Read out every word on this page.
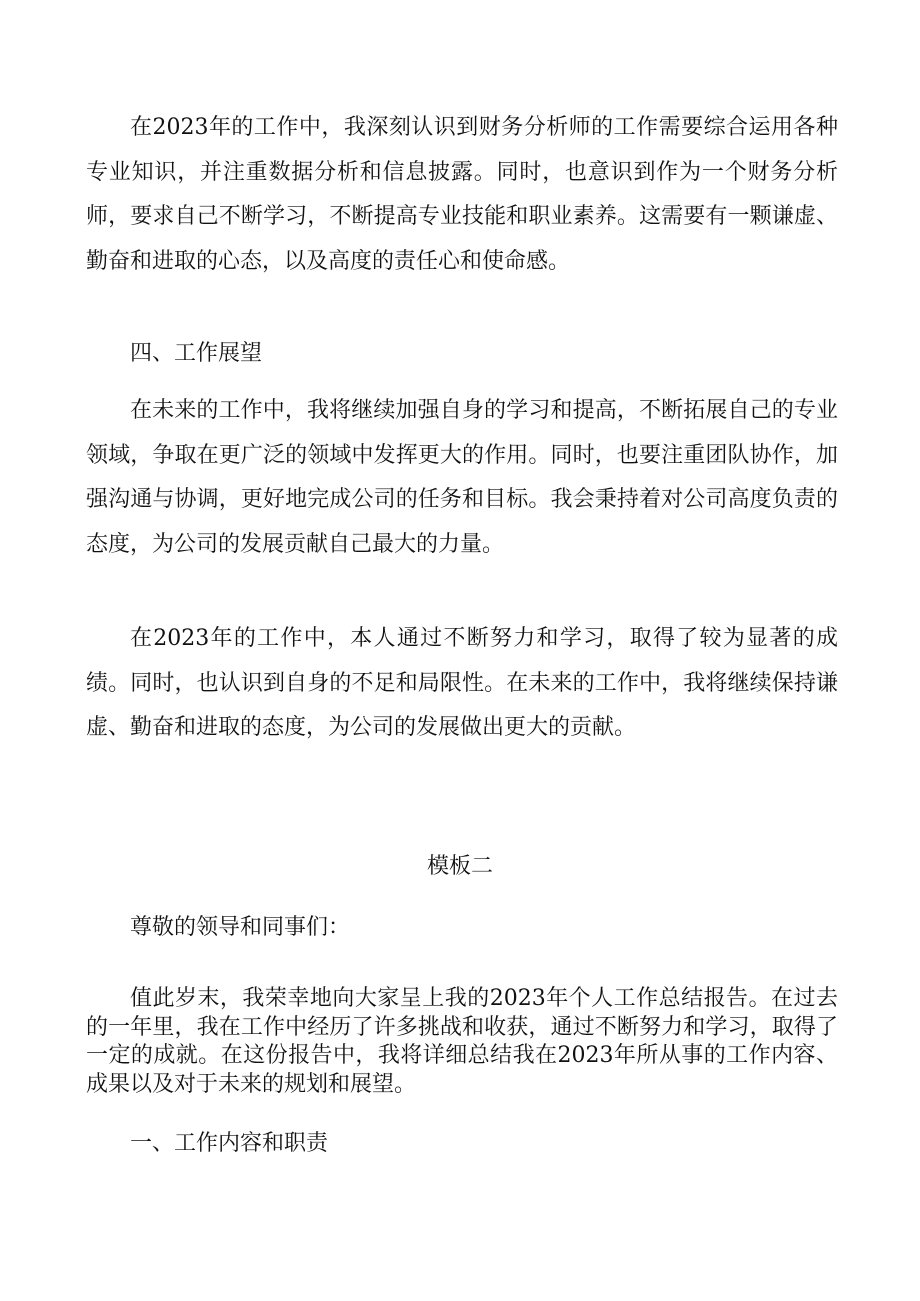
在2023年的工作中，我深刻认识到财务分析师的工作需要综合运用各种专业知识，并注重数据分析和信息披露。同时，也意识到作为一个财务分析师，要求自己不断学习，不断提高专业技能和职业素养。这需要有一颗谦虚、勤奋和进取的心态，以及高度的责任心和使命感。

四、工作展望

在未来的工作中，我将继续加强自身的学习和提高，不断拓展自己的专业领域，争取在更广泛的领域中发挥更大的作用。同时，也要注重团队协作，加强沟通与协调，更好地完成公司的任务和目标。我会秉持着对公司高度负责的态度，为公司的发展贡献自己最大的力量。

在2023年的工作中，本人通过不断努力和学习，取得了较为显著的成绩。同时，也认识到自身的不足和局限性。在未来的工作中，我将继续保持谦虚、勤奋和进取的态度，为公司的发展做出更大的贡献。

模板二

尊敬的领导和同事们：

值此岁末，我荣幸地向大家呈上我的2023年个人工作总结报告。在过去的一年里，我在工作中经历了许多挑战和收获，通过不断努力和学习，取得了一定的成就。在这份报告中，我将详细总结我在2023年所从事的工作内容、成果以及对于未来的规划和展望。

一、工作内容和职责
